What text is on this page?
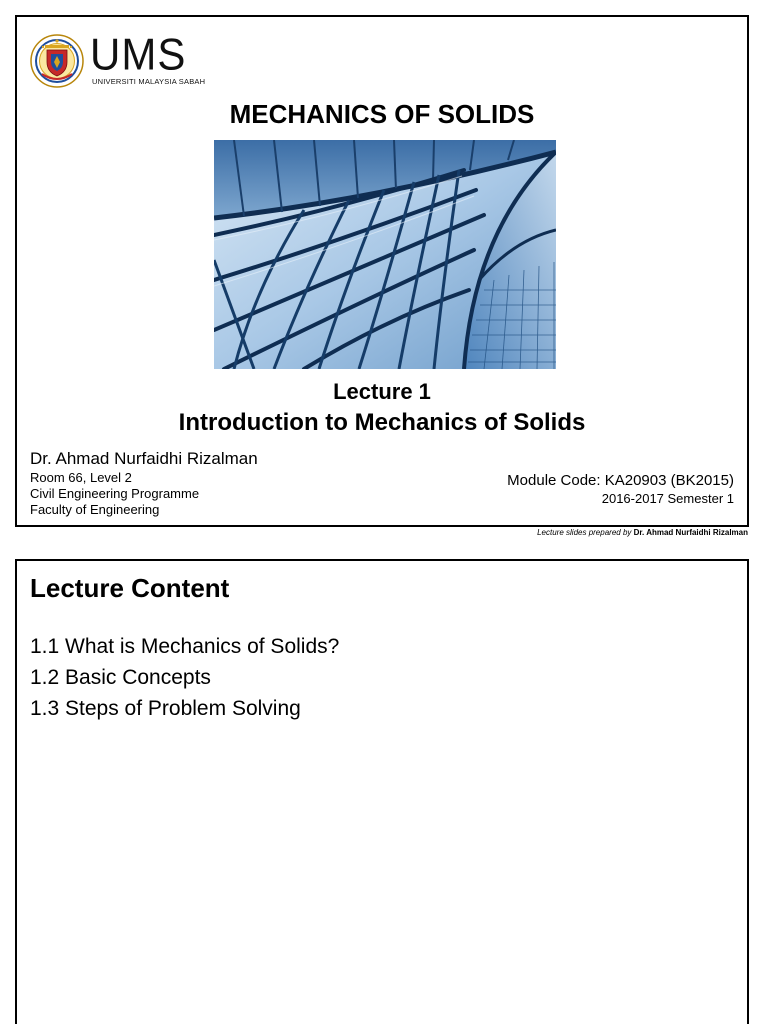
UMS
UNIVERSITI MALAYSIA SABAH
MECHANICS OF SOLIDS
Lecture 1
Introduction to Mechanics of Solids
Dr. Ahmad Nurfaidhi Rizalman
Room 66, Level 2
Civil Engineering Programme
Faculty of Engineering
Module Code: KA20903 (BK2015)
2016-2017 Semester 1
Lecture slides prepared by Dr. Ahmad Nurfaidhi Rizalman
Lecture Content
1.1 What is Mechanics of Solids?
1.2 Basic Concepts
1.3 Steps of Problem Solving
